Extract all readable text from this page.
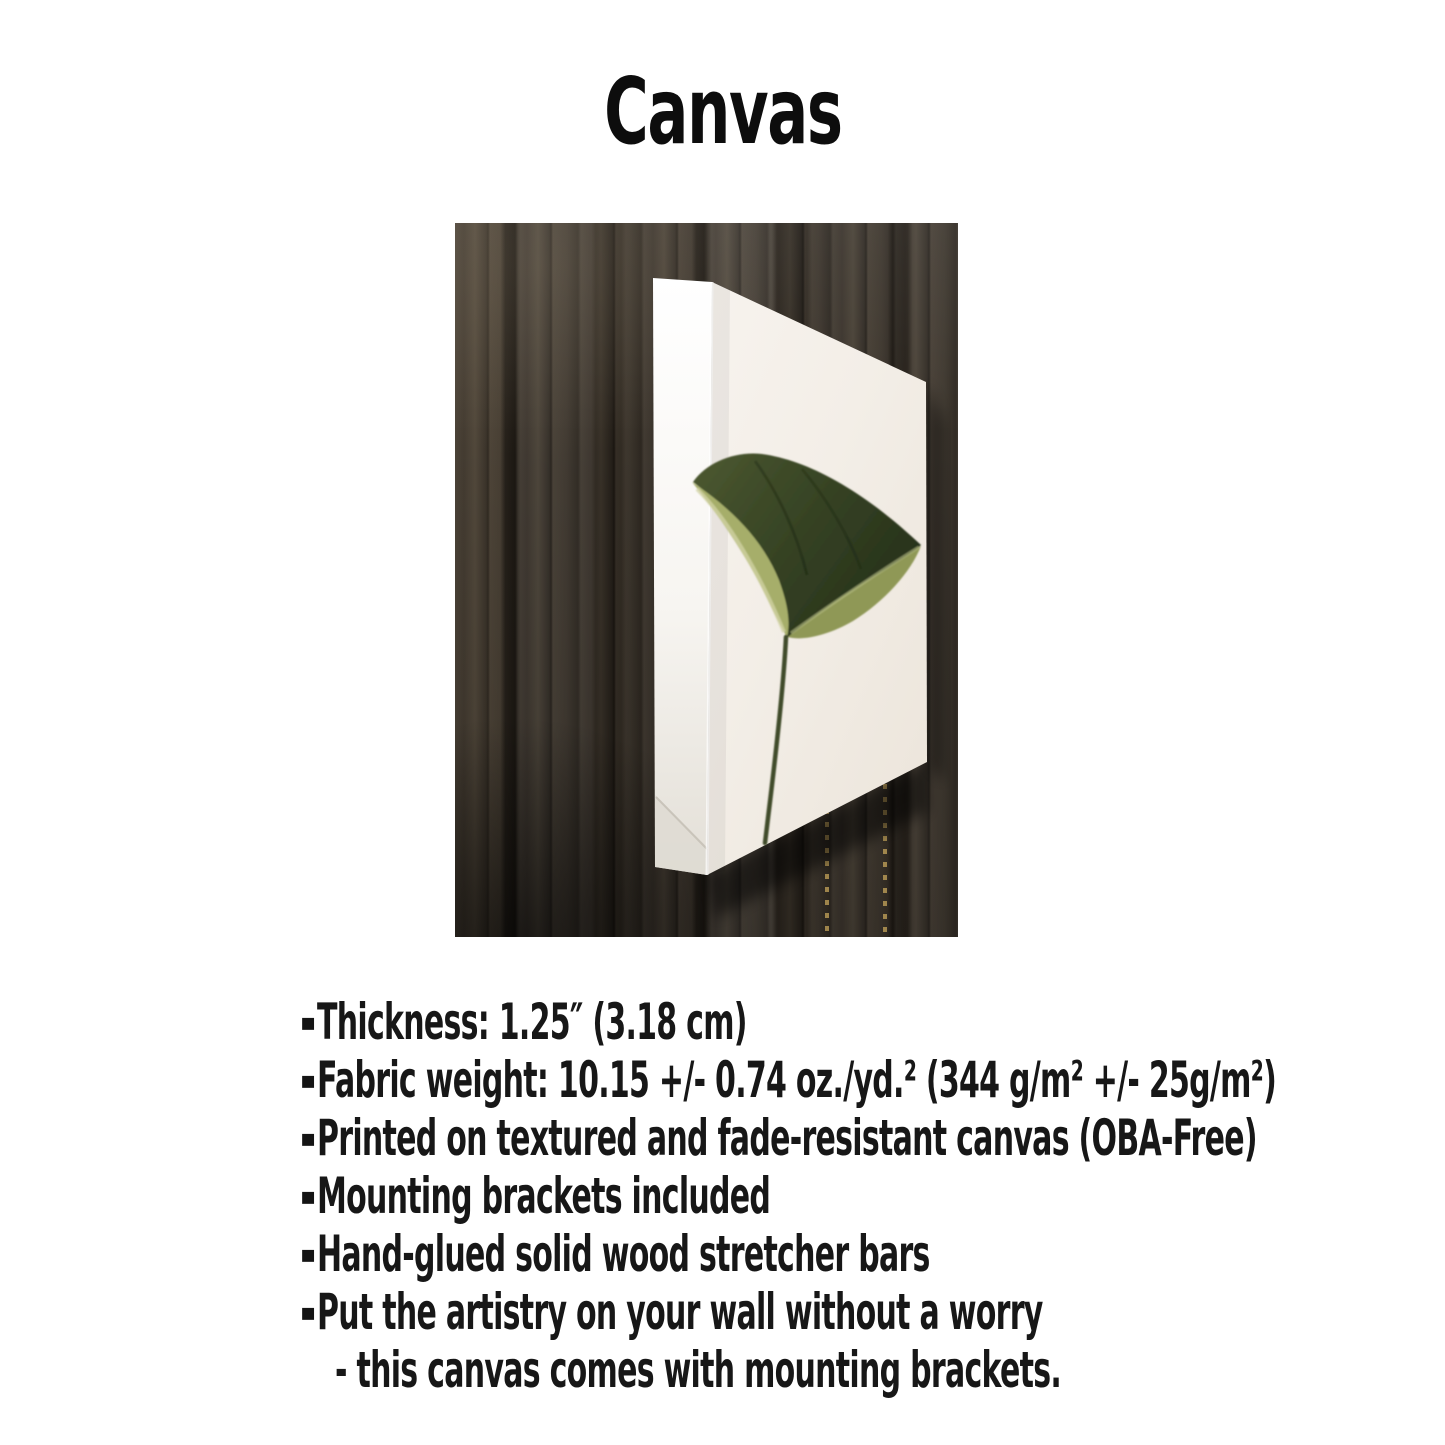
Canvas
▪ Thickness: 1.25″ (3.18 cm)
▪ Fabric weight: 10.15 +/- 0.74 oz./yd.² (344 g/m² +/- 25g/m²)
▪ Printed on textured and fade-resistant canvas (OBA-Free)
▪ Mounting brackets included
▪ Hand-glued solid wood stretcher bars
▪ Put the artistry on your wall without a worry
- this canvas comes with mounting brackets.
